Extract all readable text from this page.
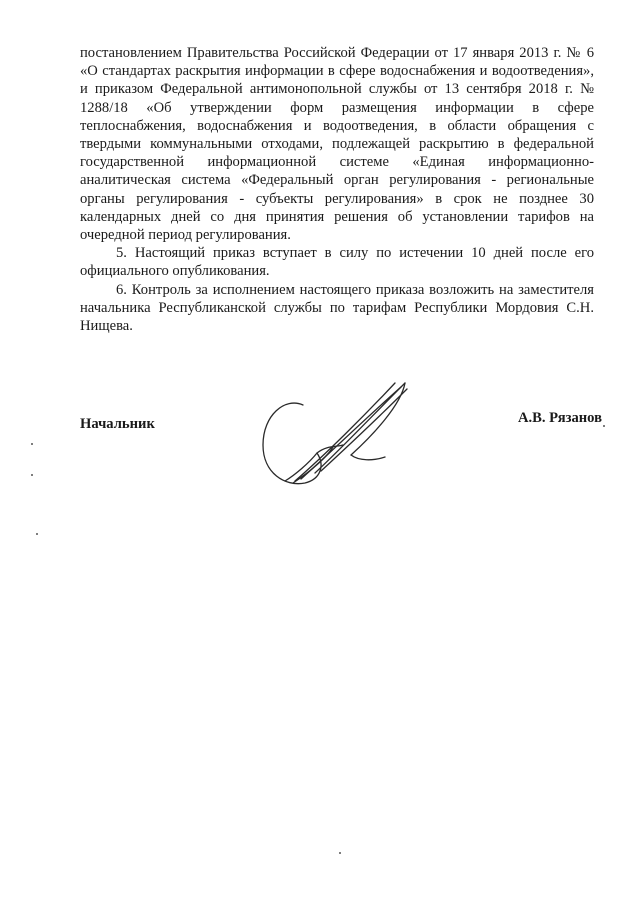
постановлением Правительства Российской Федерации от 17 января 2013 г. № 6 «О стандартах раскрытия информации в сфере водоснабжения и водоотведения», и приказом Федеральной антимонопольной службы от 13 сентября 2018 г. № 1288/18 «Об утверждении форм размещения информации в сфере теплоснабжения, водоснабжения и водоотведения, в области обращения с твердыми коммунальными отходами, подлежащей раскрытию в федеральной государственной информационной системе «Единая информационно-аналитическая система «Федеральный орган регулирования - региональные органы регулирования - субъекты регулирования» в срок не позднее 30 календарных дней со дня принятия решения об установлении тарифов на очередной период регулирования.

5. Настоящий приказ вступает в силу по истечении 10 дней после его официального опубликования.

6. Контроль за исполнением настоящего приказа возложить на заместителя начальника Республиканской службы по тарифам Республики Мордовия С.Н. Нищева.

Начальник	А.В. Рязанов
